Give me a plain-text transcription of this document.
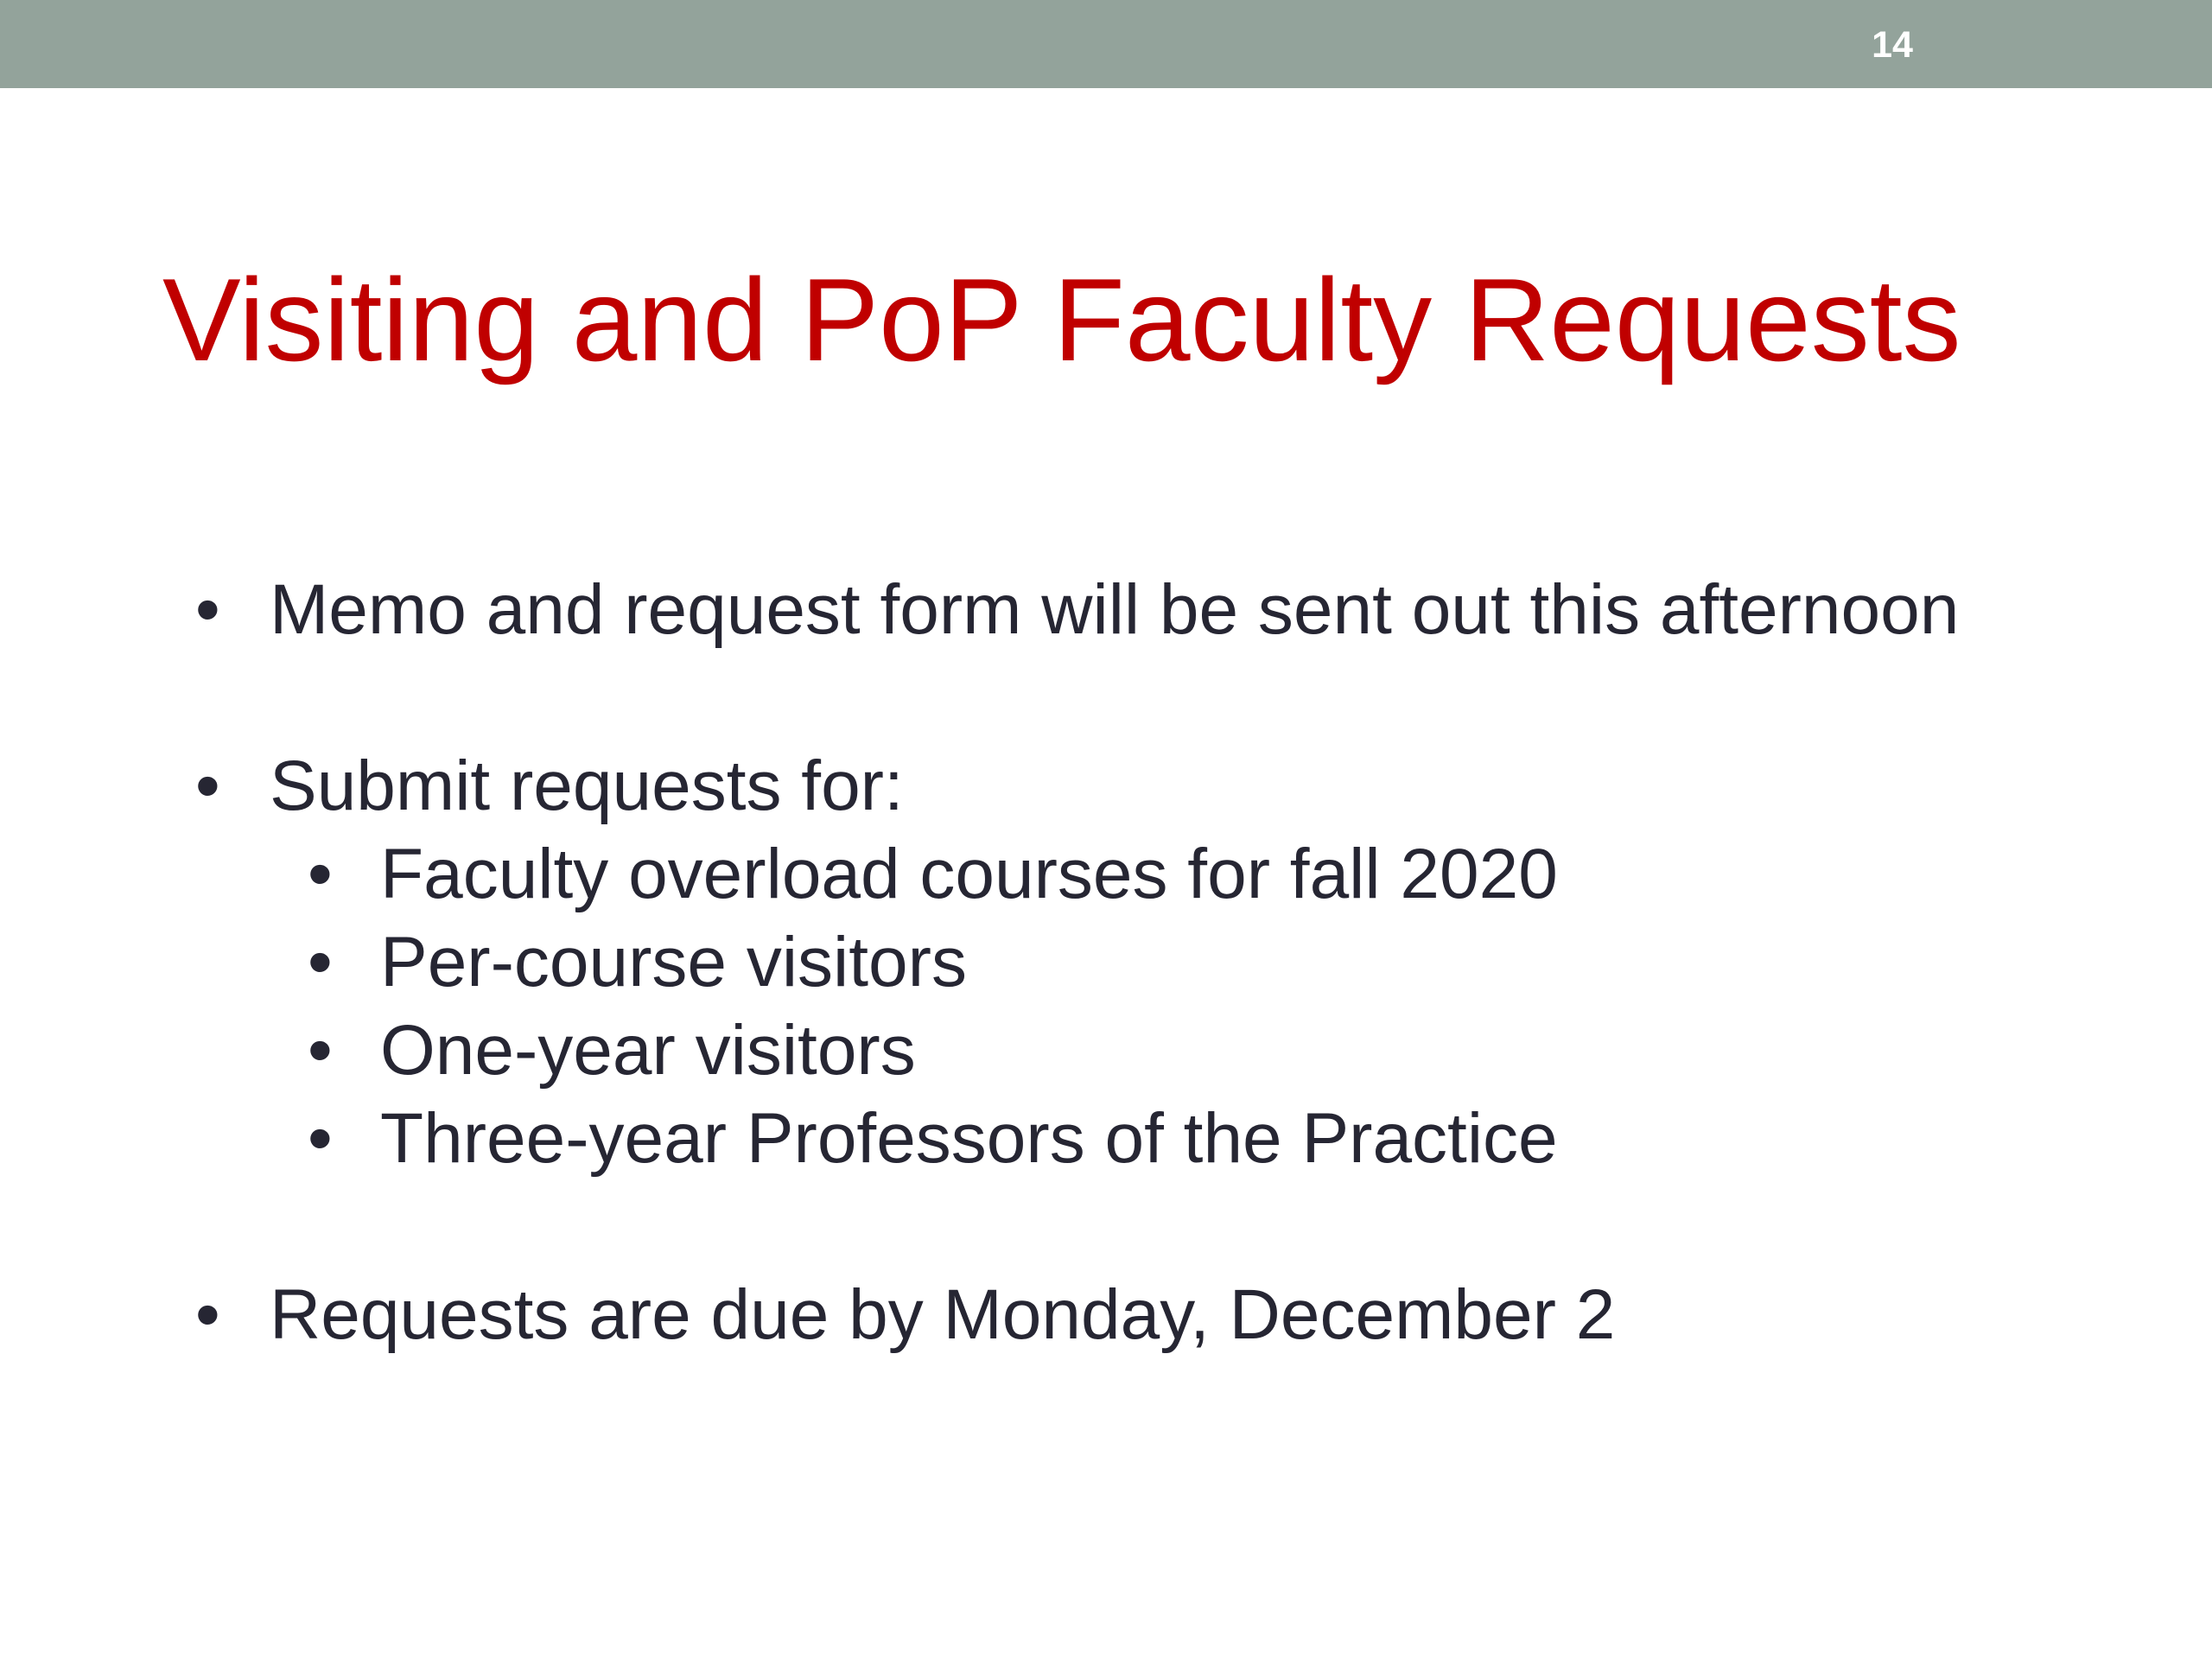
14
Visiting and PoP Faculty Requests
• Memo and request form will be sent out this afternoon
• Submit requests for:
• Faculty overload courses for fall 2020
• Per-course visitors
• One-year visitors
• Three-year Professors of the Practice
• Requests are due by Monday, December 2
